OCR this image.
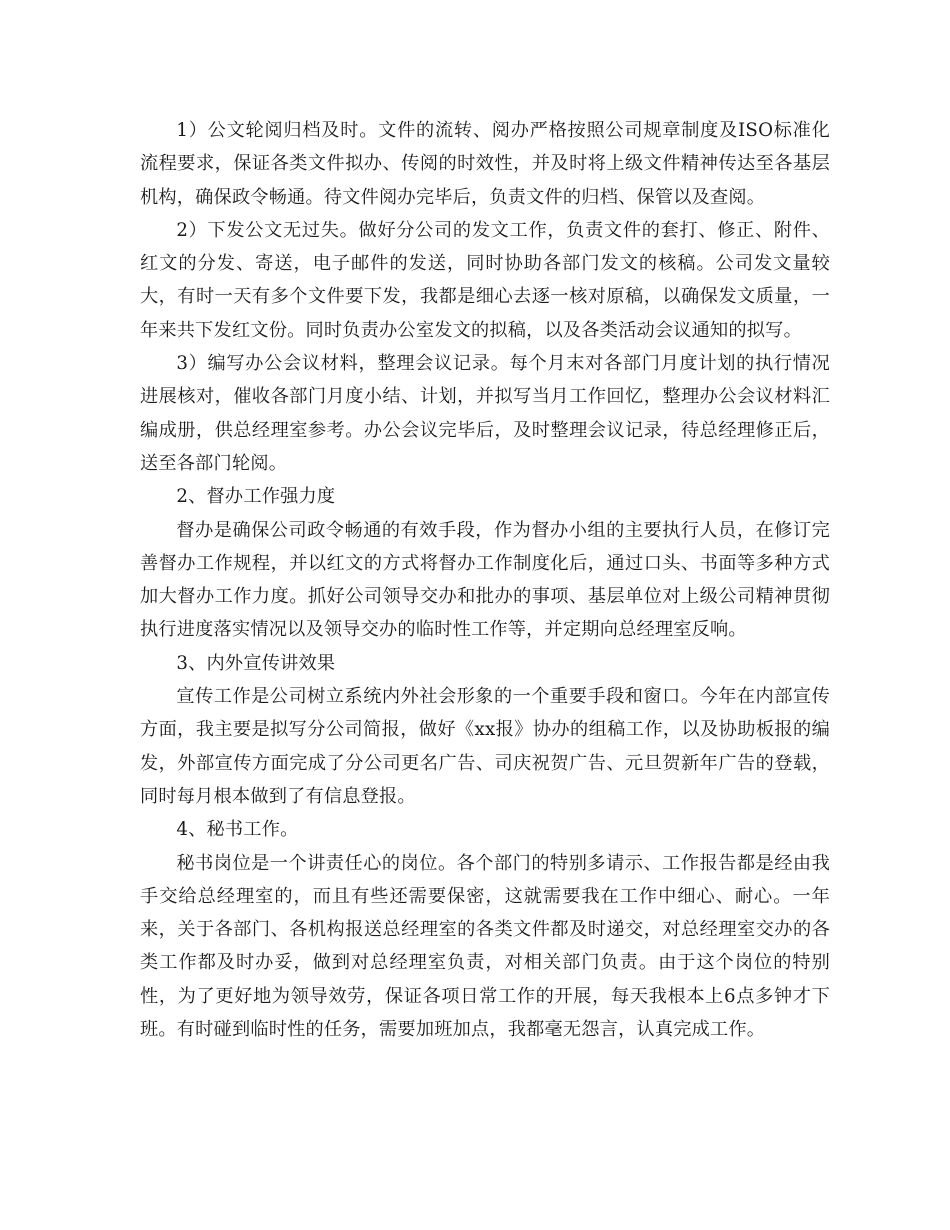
1）公文轮阅归档及时。文件的流转、阅办严格按照公司规章制度及ISO标准化流程要求，保证各类文件拟办、传阅的时效性，并及时将上级文件精神传达至各基层机构，确保政令畅通。待文件阅办完毕后，负责文件的归档、保管以及查阅。

2）下发公文无过失。做好分公司的发文工作，负责文件的套打、修正、附件、红文的分发、寄送，电子邮件的发送，同时协助各部门发文的核稿。公司发文量较大，有时一天有多个文件要下发，我都是细心去逐一核对原稿，以确保发文质量，一年来共下发红文份。同时负责办公室发文的拟稿，以及各类活动会议通知的拟写。

3）编写办公会议材料，整理会议记录。每个月末对各部门月度计划的执行情况进展核对，催收各部门月度小结、计划，并拟写当月工作回忆，整理办公会议材料汇编成册，供总经理室参考。办公会议完毕后，及时整理会议记录，待总经理修正后，送至各部门轮阅。

2、督办工作强力度

督办是确保公司政令畅通的有效手段，作为督办小组的主要执行人员，在修订完善督办工作规程，并以红文的方式将督办工作制度化后，通过口头、书面等多种方式加大督办工作力度。抓好公司领导交办和批办的事项、基层单位对上级公司精神贯彻执行进度落实情况以及领导交办的临时性工作等，并定期向总经理室反响。

3、内外宣传讲效果

宣传工作是公司树立系统内外社会形象的一个重要手段和窗口。今年在内部宣传方面，我主要是拟写分公司简报，做好《xx报》协办的组稿工作，以及协助板报的编发，外部宣传方面完成了分公司更名广告、司庆祝贺广告、元旦贺新年广告的登载，同时每月根本做到了有信息登报。

4、秘书工作。

秘书岗位是一个讲责任心的岗位。各个部门的特别多请示、工作报告都是经由我手交给总经理室的，而且有些还需要保密，这就需要我在工作中细心、耐心。一年来，关于各部门、各机构报送总经理室的各类文件都及时递交，对总经理室交办的各类工作都及时办妥，做到对总经理室负责，对相关部门负责。由于这个岗位的特别性，为了更好地为领导效劳，保证各项日常工作的开展，每天我根本上6点多钟才下班。有时碰到临时性的任务，需要加班加点，我都毫无怨言，认真完成工作。
